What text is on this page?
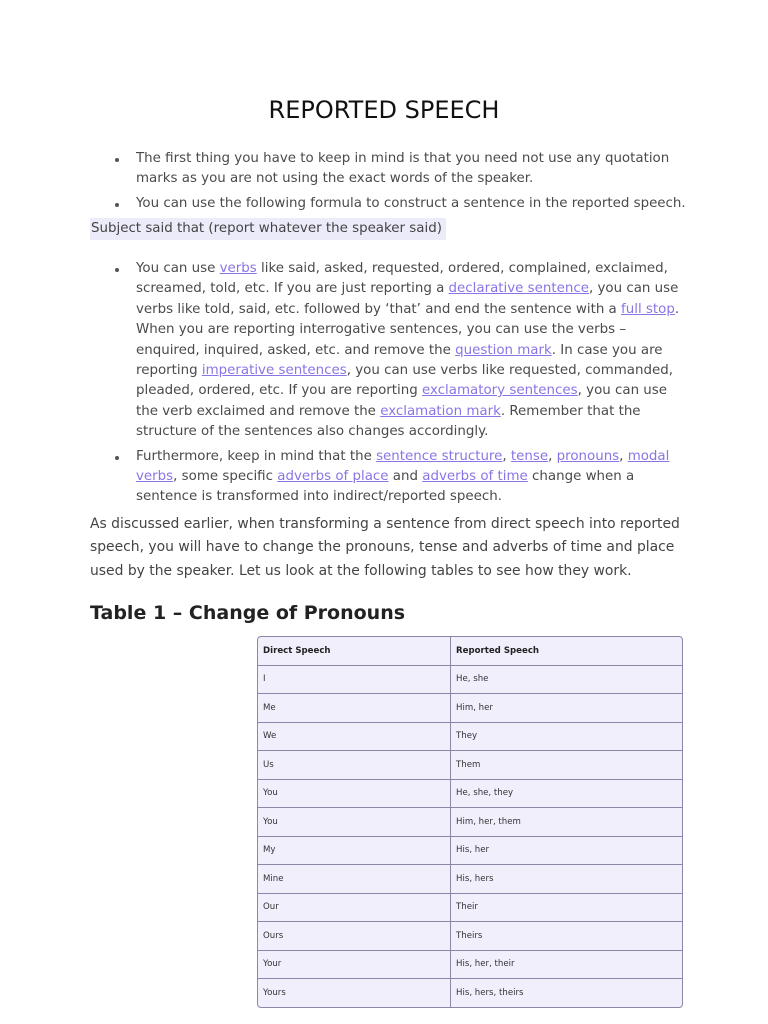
REPORTED SPEECH
The first thing you have to keep in mind is that you need not use any quotation marks as you are not using the exact words of the speaker.
You can use the following formula to construct a sentence in the reported speech.
Subject said that (report whatever the speaker said)
You can use verbs like said, asked, requested, ordered, complained, exclaimed, screamed, told, etc. If you are just reporting a declarative sentence, you can use verbs like told, said, etc. followed by ‘that’ and end the sentence with a full stop. When you are reporting interrogative sentences, you can use the verbs – enquired, inquired, asked, etc. and remove the question mark. In case you are reporting imperative sentences, you can use verbs like requested, commanded, pleaded, ordered, etc. If you are reporting exclamatory sentences, you can use the verb exclaimed and remove the exclamation mark. Remember that the structure of the sentences also changes accordingly.
Furthermore, keep in mind that the sentence structure, tense, pronouns, modal verbs, some specific adverbs of place and adverbs of time change when a sentence is transformed into indirect/reported speech.

As discussed earlier, when transforming a sentence from direct speech into reported speech, you will have to change the pronouns, tense and adverbs of time and place used by the speaker. Let us look at the following tables to see how they work.

Table 1 – Change of Pronouns
Direct Speech	Reported Speech
I	He, she
Me	Him, her
We	They
Us	Them
You	He, she, they
You	Him, her, them
My	His, her
Mine	His, hers
Our	Their
Ours	Theirs
Your	His, her, their
Yours	His, hers, theirs
